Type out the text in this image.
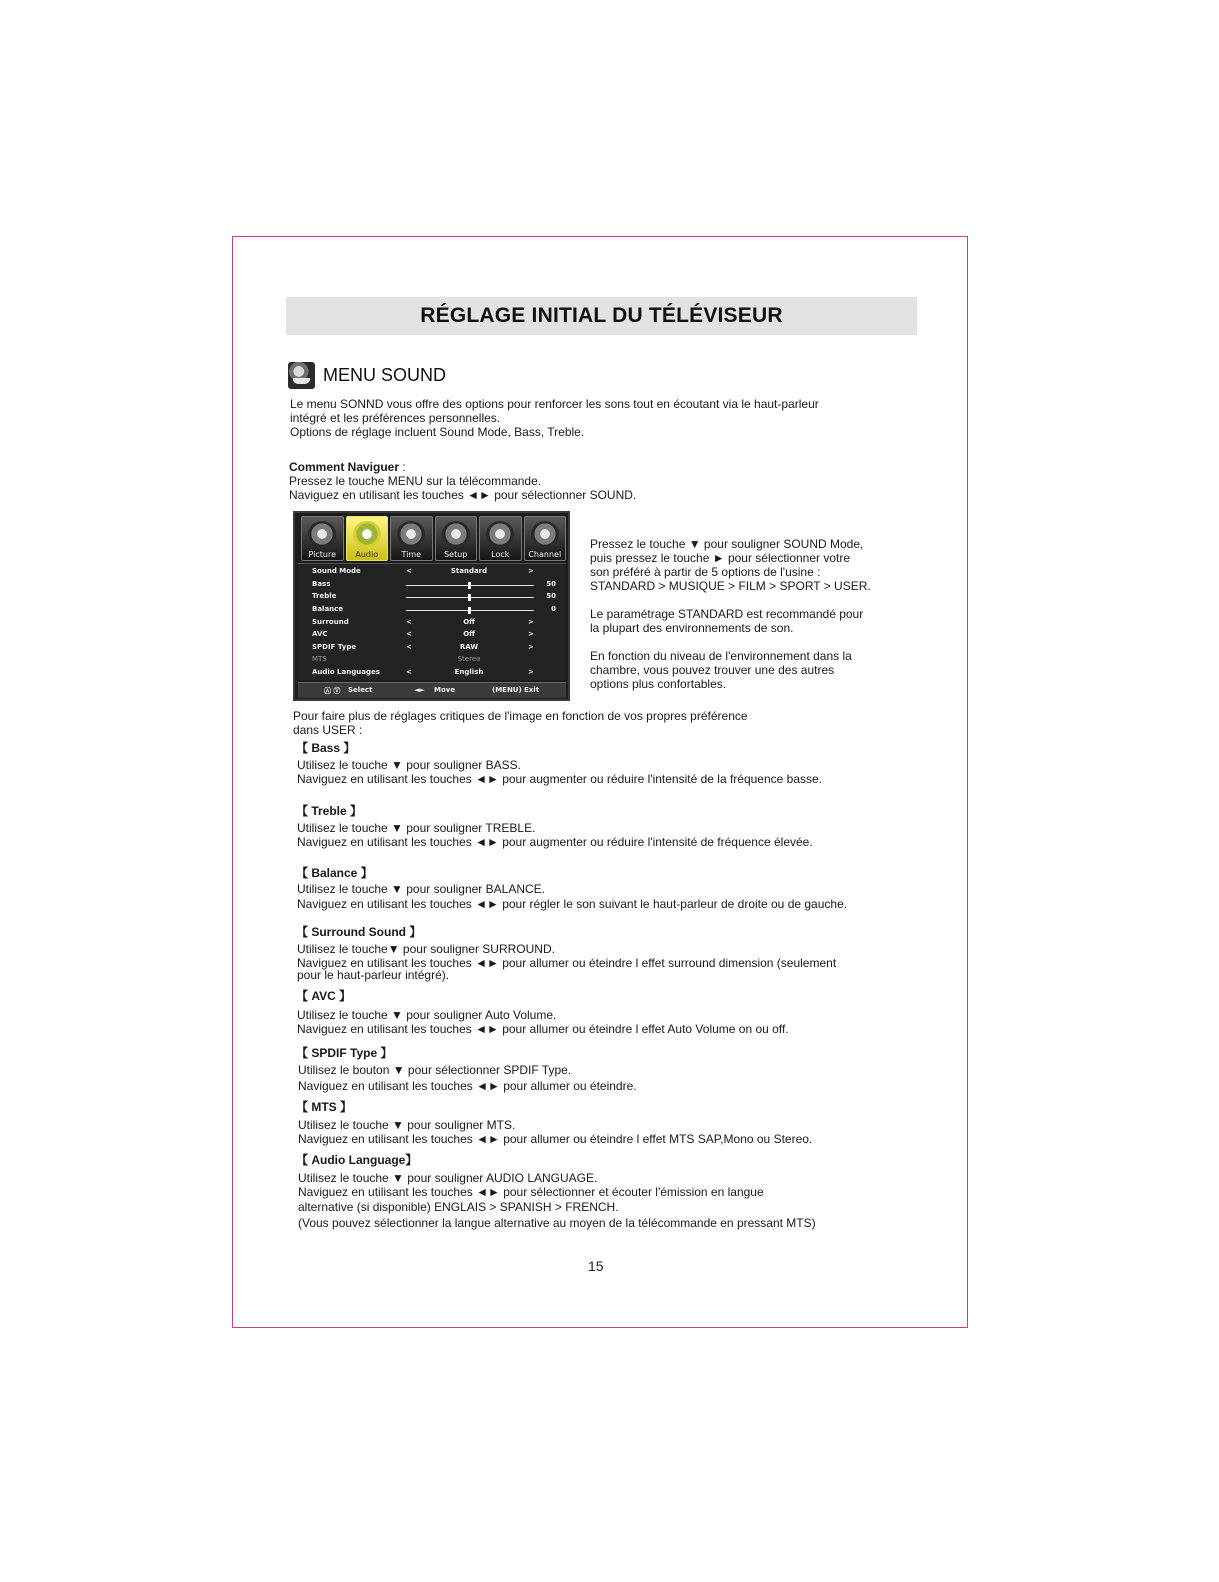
RÉGLAGE INITIAL DU TÉLÉVISEUR
MENU SOUND
Le menu SONND vous offre des options pour renforcer les sons tout en écoutant via le haut-parleur
intégré et les préférences personnelles.
Options de réglage incluent Sound Mode, Bass, Treble.
Comment Naviguer :
Pressez le touche MENU sur la télécommande.
Naviguez en utilisant les touches ◄► pour sélectionner SOUND.
Picture	Audio	Time	Setup	Lock	Channel
Sound Mode	<	Standard	>
Bass	50
Treble	50
Balance	0
Surround	<	Off	>
AVC	<	Off	>
SPDIF Type	<	RAW	>
MTS	Stereo
Audio Languages	<	English	>
Ⓐ Ⓥ Select	◄► Move	(MENU) Exit
Pressez le touche ▼ pour souligner SOUND Mode,
puis pressez le touche ► pour sélectionner votre
son préféré à partir de 5 options de l'usine :
STANDARD > MUSIQUE > FILM > SPORT > USER.
Le paramétrage STANDARD est recommandé pour
la plupart des environnements de son.
En fonction du niveau de l'environnement dans la
chambre, vous pouvez trouver une des autres
options plus confortables.
Pour faire plus de réglages critiques de l'image en fonction de vos propres préférence
dans USER :
【 Bass 】
Utilisez le touche ▼ pour souligner BASS.
Naviguez en utilisant les touches ◄► pour augmenter ou réduire l'intensité de la fréquence basse.
【 Treble 】
Utilisez le touche ▼ pour souligner TREBLE.
Naviguez en utilisant les touches ◄► pour augmenter ou réduire l'intensité de fréquence élevée.
【 Balance 】
Utilisez le touche ▼ pour souligner BALANCE.
Naviguez en utilisant les touches ◄► pour régler le son suivant le haut-parleur de droite ou de gauche.
【 Surround Sound 】
Utilisez le touche▼ pour souligner SURROUND.
Naviguez en utilisant les touches ◄► pour allumer ou éteindre l effet surround dimension (seulement
pour le haut-parleur intégré).
【 AVC 】
Utilisez le touche ▼ pour souligner Auto Volume.
Naviguez en utilisant les touches ◄► pour allumer ou éteindre l effet Auto Volume on ou off.
【 SPDIF Type 】
Utilisez le bouton ▼ pour sélectionner SPDIF Type.
Naviguez en utilisant les touches ◄► pour allumer ou éteindre.
【 MTS 】
Utilisez le touche ▼ pour souligner MTS.
Naviguez en utilisant les touches ◄► pour allumer ou éteindre l effet MTS SAP,Mono ou Stereo.
【 Audio Language】
Utilisez le touche ▼ pour souligner AUDIO LANGUAGE.
Naviguez en utilisant les touches ◄► pour sélectionner et écouter l'émission en langue
alternative (si disponible) ENGLAIS > SPANISH > FRENCH.
(Vous pouvez sélectionner la langue alternative au moyen de la télécommande en pressant MTS)
15
